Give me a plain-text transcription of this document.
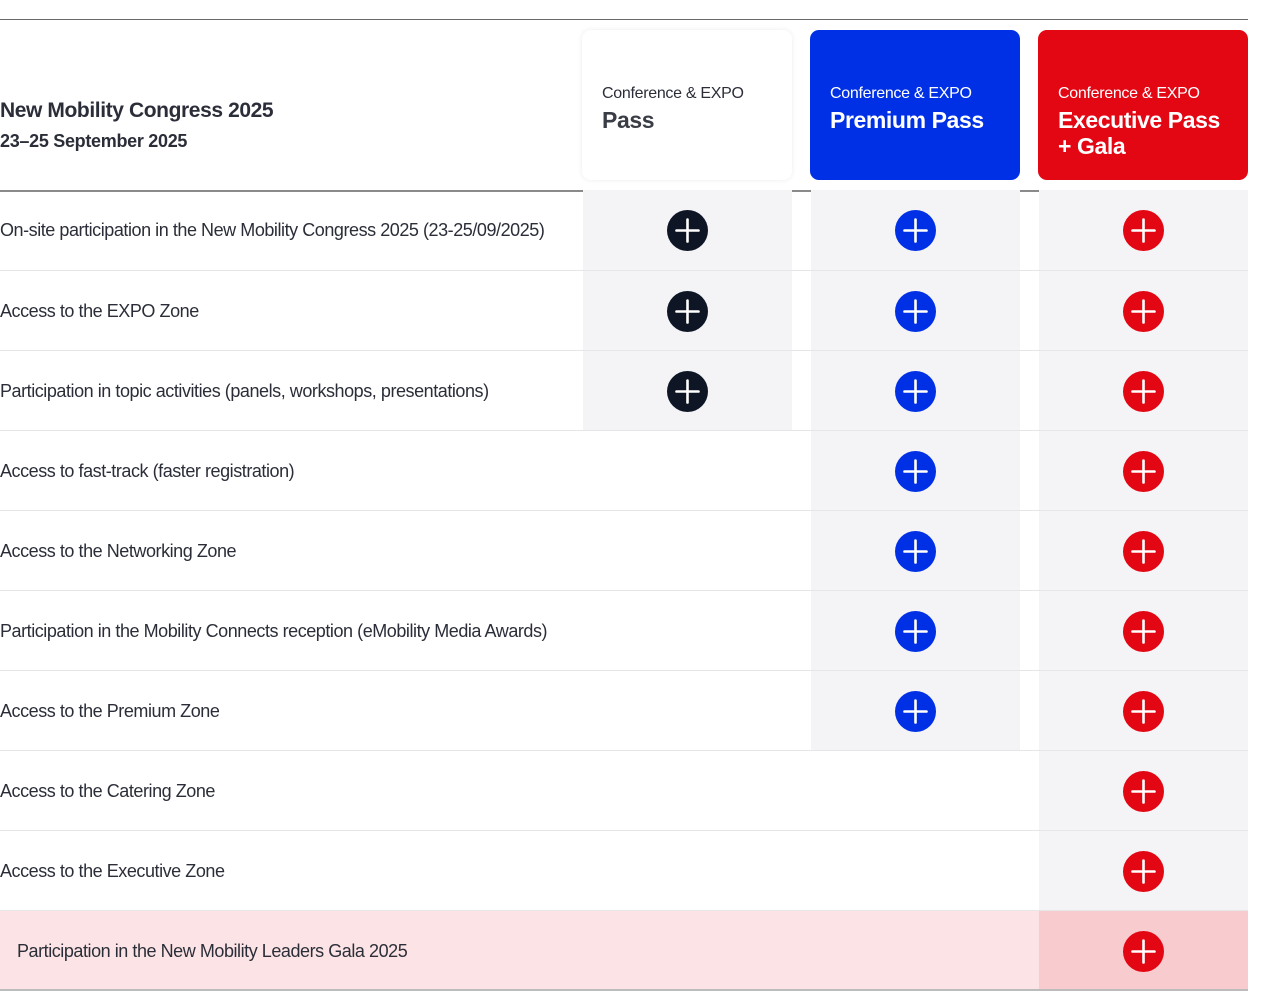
New Mobility Congress 2025
23–25 September 2025
Conference & EXPO
Pass
Conference & EXPO
Premium Pass
Conference & EXPO
Executive Pass
+ Gala
On-site participation in the New Mobility Congress 2025 (23-25/09/2025)
Access to the EXPO Zone
Participation in topic activities (panels, workshops, presentations)
Access to fast-track (faster registration)
Access to the Networking Zone
Participation in the Mobility Connects reception (eMobility Media Awards)
Access to the Premium Zone
Access to the Catering Zone
Access to the Executive Zone
Participation in the New Mobility Leaders Gala 2025
